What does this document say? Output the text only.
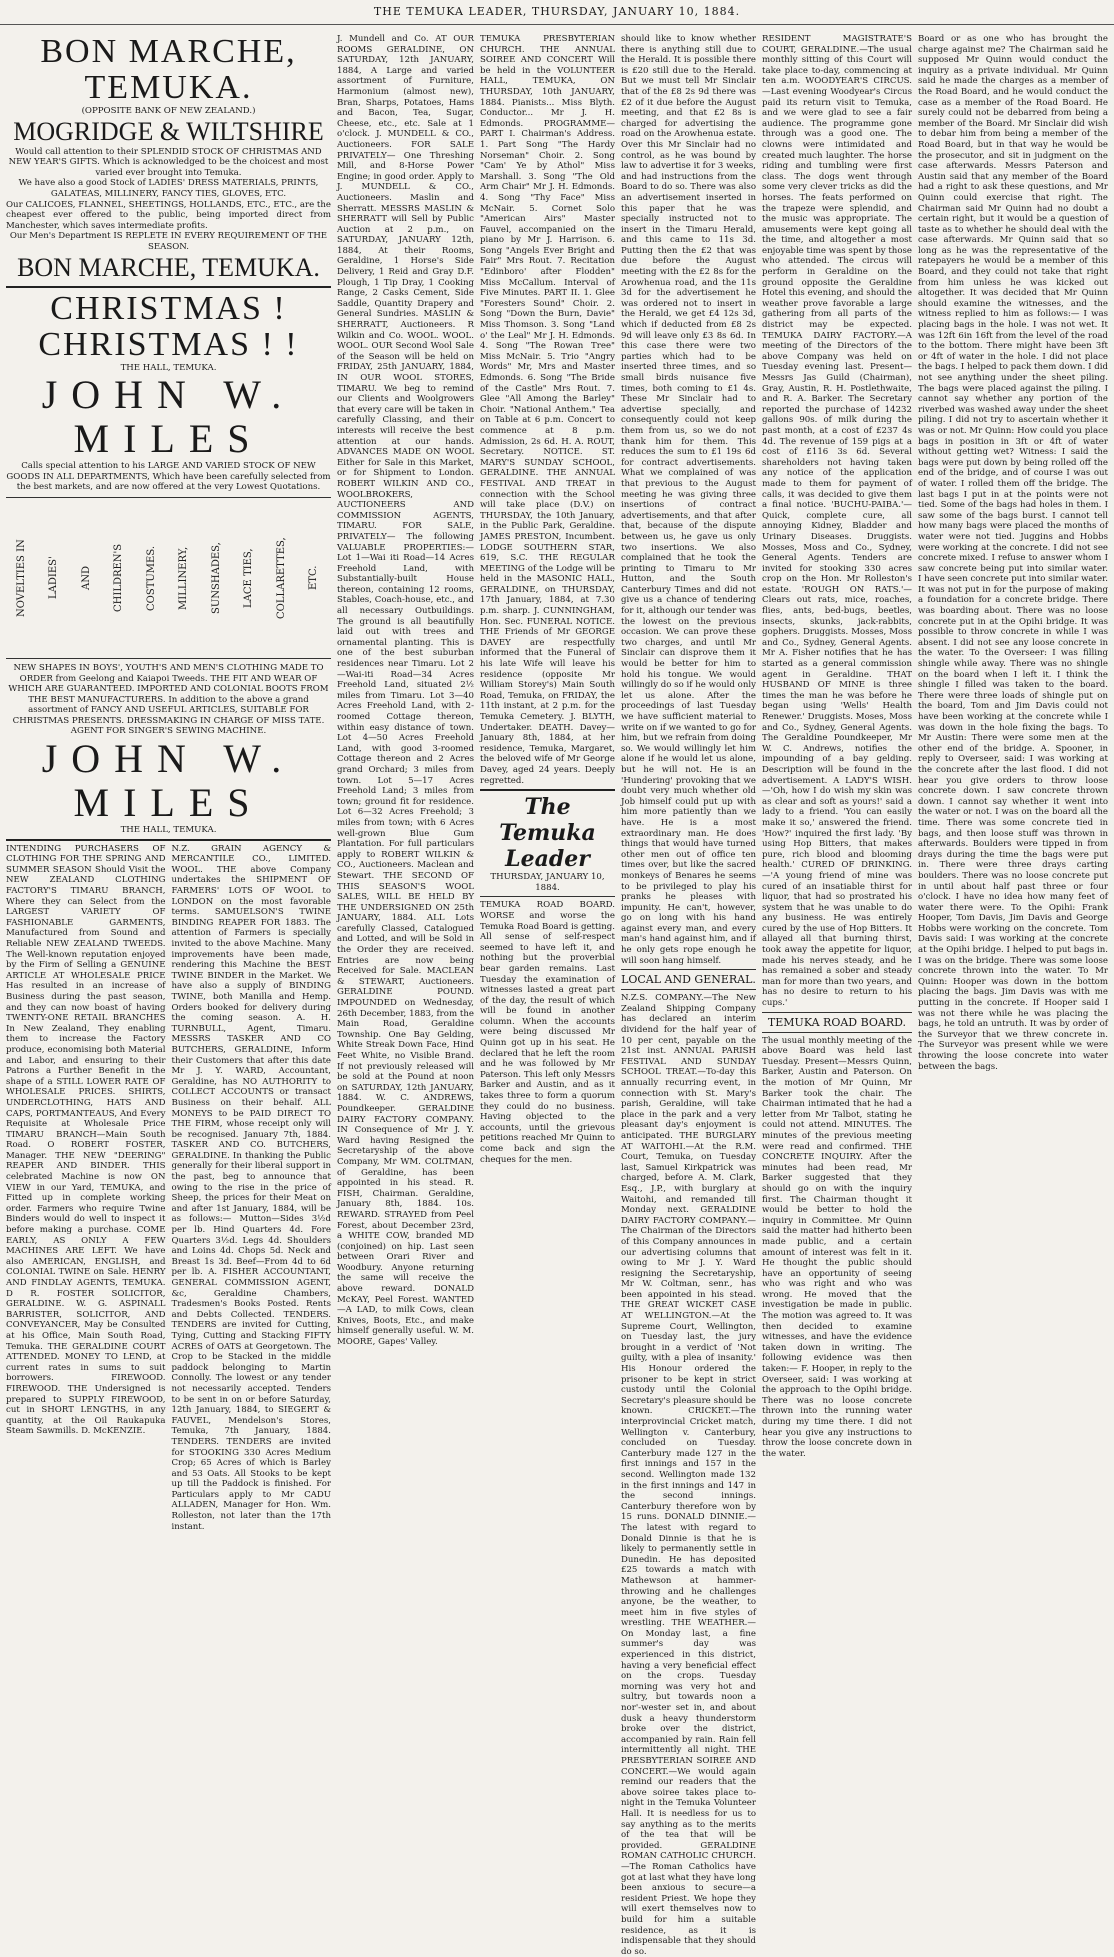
THE TEMUKA LEADER, THURSDAY, JANUARY 10, 1884.
BON MARCHE, TEMUKA.
(OPPOSITE BANK OF NEW ZEALAND.)
MOGRIDGE & WILTSHIRE
Would call attention to their SPLENDID STOCK OF CHRISTMAS AND NEW YEAR'S GIFTS. Which is acknowledged to be the choicest and most varied ever brought into Temuka.
We have also a good Stock of LADIES' DRESS MATERIALS, PRINTS, GALATEAS, MILLINERY, FANCY TIES, GLOVES, ETC.
Our CALICOES, FLANNEL, SHEETINGS, HOLLANDS, ETC., ETC., are the cheapest ever offered to the public, being imported direct from Manchester, which saves intermediate profits.
Our Men's Department IS REPLETE IN EVERY REQUIREMENT OF THE SEASON.
BON MARCHE, TEMUKA.
CHRISTMAS ! CHRISTMAS ! !
THE HALL, TEMUKA.
JOHN W. MILES
Calls special attention to his LARGE AND VARIED STOCK OF NEW GOODS IN ALL DEPARTMENTS, Which have been carefully selected from the best markets, and are now offered at the very Lowest Quotations.
NOVELTIES IN LADIES' AND CHILDREN'S COSTUMES. MILLINERY, SUNSHADES, LACE TIES, COLLARETTES, ETC.
NEW SHAPES IN BOYS', YOUTH'S AND MEN'S CLOTHING MADE TO ORDER from Geelong and Kaiapoi Tweeds. THE FIT AND WEAR OF WHICH ARE GUARANTEED. IMPORTED AND COLONIAL BOOTS FROM THE BEST MANUFACTURERS. In addition to the above a grand assortment of FANCY AND USEFUL ARTICLES, SUITABLE FOR CHRISTMAS PRESENTS. DRESSMAKING IN CHARGE OF MISS TATE.
AGENT FOR SINGER'S SEWING MACHINE.
JOHN W. MILES
THE HALL, TEMUKA.
INTENDING PURCHASERS OF CLOTHING FOR THE SPRING AND SUMMER SEASON Should Visit the NEW ZEALAND CLOTHING FACTORY'S TIMARU BRANCH, Where they can Select from the LARGEST VARIETY OF FASHIONABLE GARMENTS, Manufactured from Sound and Reliable NEW ZEALAND TWEEDS. The Well-known reputation enjoyed by the Firm of Selling a GENUINE ARTICLE AT WHOLESALE PRICE Has resulted in an increase of Business during the past season, and they can now boast of having TWENTY-ONE RETAIL BRANCHES In New Zealand, They enabling them to increase the Factory produce, economising both Material and Labor, and ensuring to their Patrons a Further Benefit in the shape of a STILL LOWER RATE OF WHOLESALE PRICES. SHIRTS, UNDERCLOTHING, HATS AND CAPS, PORTMANTEAUS, And Every Requisite at Wholesale Price TIMARU BRANCH—Main South Road. O ROBERT FOSTER, Manager. THE NEW "DEERING" REAPER AND BINDER. THIS celebrated Machine is now ON VIEW in our Yard, TEMUKA, and Fitted up in complete working order. Farmers who require Twine Binders would do well to inspect it before making a purchase. COME EARLY, AS ONLY A FEW MACHINES ARE LEFT. We have also AMERICAN, ENGLISH, and COLONIAL TWINE on Sale. HENRY AND FINDLAY AGENTS, TEMUKA. D R. FOSTER SOLICITOR, GERALDINE. W. G. ASPINALL BARRISTER, SOLICITOR, AND CONVEYANCER, May be Consulted at his Office, Main South Road, Temuka. THE GERALDINE COURT ATTENDED. MONEY TO LEND, at current rates in sums to suit borrowers. FIREWOOD. FIREWOOD. THE Undersigned is prepared to SUPPLY FIREWOOD, cut in SHORT LENGTHS, in any quantity, at the Oil Raukapuka Steam Sawmills. D. McKENZIE.
N.Z. GRAIN AGENCY & MERCANTILE CO., LIMITED. WOOL. THE above Company undertakes the SHIPMENT OF FARMERS' LOTS OF WOOL to LONDON on the most favorable terms. SAMUELSON'S TWINE BINDING REAPER FOR 1883. The attention of Farmers is specially invited to the above Machine. Many improvements have been made, rendering this Machine the BEST TWINE BINDER in the Market. We have also a supply of BINDING TWINE, both Manilla and Hemp. Orders booked for delivery during the coming season. A. H. TURNBULL, Agent, Timaru. MESSRS TASKER AND CO BUTCHERS, GERALDINE, Inform their Customers that after this date Mr J. Y. WARD, Accountant, Geraldine, has NO AUTHORITY to COLLECT ACCOUNTS or transact Business on their behalf. ALL MONEYS to be PAID DIRECT TO THE FIRM, whose receipt only will be recognised. January 7th, 1884. TASKER AND CO. BUTCHERS, GERALDINE. In thanking the Public generally for their liberal support in the past, beg to announce that owing to the rise in the price of Sheep, the prices for their Meat on and after 1st January, 1884, will be as follows:— Mutton—Sides 3½d per lb. Hind Quarters 4d. Fore Quarters 3½d. Legs 4d. Shoulders and Loins 4d. Chops 5d. Neck and Breast 1s 3d. Beef—From 4d to 6d per lb. A. FISHER ACCOUNTANT, GENERAL COMMISSION AGENT, &c, Geraldine Chambers, Tradesmen's Books Posted. Rents and Debts Collected. TENDERS. TENDERS are invited for Cutting, Tying, Cutting and Stacking FIFTY ACRES of OATS at Georgetown. The Crop to be Stacked in the middle paddock belonging to Martin Connolly. The lowest or any tender not necessarily accepted. Tenders to be sent in on or before Saturday, 12th January, 1884, to SIEGERT & FAUVEL, Mendelson's Stores, Temuka, 7th January, 1884. TENDERS. TENDERS are invited for STOOKING 330 Acres Medium Crop; 65 Acres of which is Barley and 53 Oats. All Stooks to be kept up till the Paddock is finished. For Particulars apply to Mr CADU ALLADEN, Manager for Hon. Wm. Rolleston, not later than the 17th instant.
J. Mundell and Co. AT OUR ROOMS GERALDINE, ON SATURDAY, 12th JANUARY, 1884, A Large and varied assortment of Furniture, Harmonium (almost new), Bran, Sharps, Potatoes, Hams and Bacon, Tea, Sugar, Cheese, etc., etc. Sale at 1 o'clock. J. MUNDELL & CO., Auctioneers. FOR SALE PRIVATELY— One Threshing Mill, and 8-Horse Power Engine; in good order. Apply to J. MUNDELL & CO., Auctioneers. Maslin and Sherratt. MESSRS MASLIN & SHERRATT will Sell by Public Auction at 2 p.m., on SATURDAY, JANUARY 12th, 1884, At their Rooms, Geraldine, 1 Horse's Side Delivery, 1 Reid and Gray D.F. Plough, 1 Tip Dray, 1 Cooking Range, 2 Casks Cement, Side Saddle, Quantity Drapery and General Sundries. MASLIN & SHERRATT, Auctioneers. R Wilkin and Co. WOOL. WOOL. WOOL. OUR Second Wool Sale of the Season will be held on FRIDAY, 25th JANUARY, 1884, IN OUR WOOL STORES, TIMARU. We beg to remind our Clients and Woolgrowers that every care will be taken in carefully Classing, and their interests will receive the best attention at our hands. ADVANCES MADE ON WOOL Either for Sale in this Market, or for Shipment to London. ROBERT WILKIN AND CO., WOOLBROKERS, AUCTIONEERS AND COMMISSION AGENTS, TIMARU. FOR SALE, PRIVATELY— The following VALUABLE PROPERTIES:— Lot 1—Wai iti Road—14 Acres Freehold Land, with Substantially-built House thereon, containing 12 rooms, Stables, Coach-house, etc., and all necessary Outbuildings. The ground is all beautifully laid out with trees and ornamental planting. This is one of the best suburban residences near Timaru. Lot 2—Wai-iti Road—34 Acres Freehold Land, situated 2½ miles from Timaru. Lot 3—40 Acres Freehold Land, with 2-roomed Cottage thereon, within easy distance of town. Lot 4—50 Acres Freehold Land, with good 3-roomed Cottage thereon and 2 Acres grand Orchard; 3 miles from town. Lot 5—17 Acres Freehold Land; 3 miles from town; ground fit for residence. Lot 6—32 Acres Freehold; 3 miles from town; with 6 Acres well-grown Blue Gum Plantation. For full particulars apply to ROBERT WILKIN & CO., Auctioneers. Maclean and Stewart. THE SECOND OF THIS SEASON'S WOOL SALES, WILL BE HELD BY THE UNDERSIGNED ON 25th JANUARY, 1884. ALL Lots carefully Classed, Catalogued and Lotted, and will be Sold in the Order they are received. Entries are now being Received for Sale. MACLEAN & STEWART, Auctioneers. GERALDINE POUND. IMPOUNDED on Wednesday, 26th December, 1883, from the Main Road, Geraldine Township. One Bay Gelding, White Streak Down Face, Hind Feet White, no Visible Brand. If not previously released will be sold at the Pound at noon on SATURDAY, 12th JANUARY, 1884. W. C. ANDREWS, Poundkeeper. GERALDINE DAIRY FACTORY COMPANY. IN Consequence of Mr J. Y. Ward having Resigned the Secretaryship of the above Company, Mr WM. COLTMAN, of Geraldine, has been appointed in his stead. R. FISH, Chairman. Geraldine, January 8th, 1884. 10s. REWARD. STRAYED from Peel Forest, about December 23rd, a WHITE COW, branded MD (conjoined) on hip. Last seen between Orari River and Woodbury. Anyone returning the same will receive the above reward. DONALD McKAY, Peel Forest. WANTED—A LAD, to milk Cows, clean Knives, Boots, Etc., and make himself generally useful. W. M. MOORE, Gapes' Valley.
TEMUKA PRESBYTERIAN CHURCH. THE ANNUAL SOIREE AND CONCERT Will be held in the VOLUNTEER HALL, TEMUKA, ON THURSDAY, 10th JANUARY, 1884. Pianists... Miss Blyth. Conductor... Mr J. H. Edmonds. PROGRAMME— PART I. Chairman's Address. 1. Part Song "The Hardy Norseman" Choir. 2. Song "Cam' Ye by Athol" Miss Marshall. 3. Song "The Old Arm Chair" Mr J. H. Edmonds. 4. Song "Thy Face" Miss McNair. 5. Cornet Solo "American Airs" Master Fauvel, accompanied on the piano by Mr J. Harrison. 6. Song "Angels Ever Bright and Fair" Mrs Rout. 7. Recitation "Edinboro' after Flodden" Miss McCallum. Interval of Five Minutes. PART II. 1. Glee "Foresters Sound" Choir. 2. Song "Down the Burn, Davie" Miss Thomson. 3. Song "Land o' the Leal" Mr J. H. Edmonds. 4. Song "The Rowan Tree" Miss McNair. 5. Trio "Angry Words" Mr, Mrs and Master Edmonds. 6. Song "The Bride of the Castle" Mrs Rout. 7. Glee "All Among the Barley" Choir. "National Anthem." Tea on Table at 6 p.m. Concert to commence at 8 p.m. Admission, 2s 6d. H. A. ROUT, Secretary. NOTICE. ST. MARY'S SUNDAY SCHOOL, GERALDINE. THE ANNUAL FESTIVAL AND TREAT in connection with the School will take place (D.V.) on THURSDAY, the 10th January, in the Public Park, Geraldine. JAMES PRESTON, Incumbent. LODGE SOUTHERN STAR, 619, S.C. THE REGULAR MEETING of the Lodge will be held in the MASONIC HALL, GERALDINE, on THURSDAY, 17th January, 1884, at 7.30 p.m. sharp. J. CUNNINGHAM, Hon. Sec. FUNERAL NOTICE. THE Friends of Mr GEORGE DAVEY are respectfully informed that the Funeral of his late Wife will leave his residence (opposite Mr William Storey's) Main South Road, Temuka, on FRIDAY, the 11th instant, at 2 p.m. for the Temuka Cemetery. J. BLYTH, Undertaker. DEATH. Davey—January 8th, 1884, at her residence, Temuka, Margaret, the beloved wife of Mr George Davey, aged 24 years. Deeply regretted.
The Temuka Leader
THURSDAY, JANUARY 10, 1884.
TEMUKA ROAD BOARD. WORSE and worse the Temuka Road Board is getting. All sense of self-respect seemed to have left it, and nothing but the proverbial bear garden remains. Last Tuesday the examination of witnesses lasted a great part of the day, the result of which will be found in another column. When the accounts were being discussed Mr Quinn got up in his seat. He declared that he left the room and he was followed by Mr Paterson. This left only Messrs Barker and Austin, and as it takes three to form a quorum they could do no business. Having objected to the accounts, until the grievous petitions reached Mr Quinn to come back and sign the cheques for the men.
should like to know whether there is anything still due to the Herald. It is possible there is £20 still due to the Herald. But we must tell Mr Sinclair that of the £8 2s 9d there was £2 of it due before the August meeting, and that £2 8s is charged for advertising the road on the Arowhenua estate. Over this Mr Sinclair had no control, as he was bound by law to advertise it for 3 weeks, and had instructions from the Board to do so. There was also an advertisement inserted in this paper that he was specially instructed not to insert in the Timaru Herald, and this came to 11s 3d. Putting then the £2 that was due before the August meeting with the £2 8s for the Arowhenua road, and the 11s 3d for the advertisement he was ordered not to insert in the Herald, we get £4 12s 3d, which if deducted from £8 2s 9d will leave only £3 8s 6d. In this case there were two parties which had to be inserted three times, and so small birds nuisance five times, both coming to £1 4s. These Mr Sinclair had to advertise specially, and consequently could not keep them from us, so we do not thank him for them. This reduces the sum to £1 19s 6d for contract advertisements. What we complained of was that previous to the August meeting he was giving three insertions of contract advertisements, and that after that, because of the dispute between us, he gave us only two insertions. We also complained that he took the printing to Timaru to Mr Hutton, and the South Canterbury Times and did not give us a chance of tendering for it, although our tender was the lowest on the previous occasion. We can prove these two charges, and until Mr Sinclair can disprove them it would be better for him to hold his tongue. We would willingly do so if he would only let us alone. After the proceedings of last Tuesday we have sufficient material to write on if we wanted to go for him, but we refrain from doing so. We would willingly let him alone if he would let us alone, but he will not. He is an 'Hundering' provoking that we doubt very much whether old Job himself could put up with him more patiently than we have. He is a most extraordinary man. He does things that would have turned other men out of office ten times over, but like the sacred monkeys of Benares he seems to be privileged to play his pranks he pleases with impunity. He can't, however, go on long with his hand against every man, and every man's hand against him, and if he only gets rope enough he will soon hang himself.
LOCAL AND GENERAL.
N.Z.S. COMPANY.—The New Zealand Shipping Company has declared an interim dividend for the half year of 10 per cent, payable on the 21st inst. ANNUAL PARISH FESTIVAL AND SUNDAY SCHOOL TREAT.—To-day this annually recurring event, in connection with St. Mary's parish, Geraldine, will take place in the park and a very pleasant day's enjoyment is anticipated. THE BURGLARY AT WAITOHI.—At the R.M. Court, Temuka, on Tuesday last, Samuel Kirkpatrick was charged, before A. M. Clark, Esq., J.P., with burglary at Waitohi, and remanded till Monday next. GERALDINE DAIRY FACTORY COMPANY.—The Chairman of the Directors of this Company announces in our advertising columns that owing to Mr J. Y. Ward resigning the Secretaryship, Mr W. Coltman, senr., has been appointed in his stead. THE GREAT WICKET CASE AT WELLINGTON.—At the Supreme Court, Wellington, on Tuesday last, the jury brought in a verdict of 'Not guilty, with a plea of insanity.' His Honour ordered the prisoner to be kept in strict custody until the Colonial Secretary's pleasure should be known. CRICKET.—The interprovincial Cricket match, Wellington v. Canterbury, concluded on Tuesday. Canterbury made 127 in the first innings and 157 in the second. Wellington made 132 in the first innings and 147 in the second innings. Canterbury therefore won by 15 runs. DONALD DINNIE.—The latest with regard to Donald Dinnie is that he is likely to permanently settle in Dunedin. He has deposited £25 towards a match with Mathewson at hammer-throwing and he challenges anyone, be the weather, to meet him in five styles of wrestling. THE WEATHER.—On Monday last, a fine summer's day was experienced in this district, having a very beneficial effect on the crops. Tuesday morning was very hot and sultry, but towards noon a nor'-wester set in, and about dusk a heavy thunderstorm broke over the district, accompanied by rain. Rain fell intermittently all night. THE PRESBYTERIAN SOIREE AND CONCERT.—We would again remind our readers that the above soiree takes place to-night in the Temuka Volunteer Hall. It is needless for us to say anything as to the merits of the tea that will be provided. GERALDINE ROMAN CATHOLIC CHURCH.—The Roman Catholics have got at last what they have long been anxious to secure—a resident Priest. We hope they will exert themselves now to build for him a suitable residence, as it is indispensable that they should do so.
RESIDENT MAGISTRATE'S COURT, GERALDINE.—The usual monthly sitting of this Court will take place to-day, commencing at ten a.m. WOODYEAR'S CIRCUS.—Last evening Woodyear's Circus paid its return visit to Temuka, and we were glad to see a fair audience. The programme gone through was a good one. The clowns were intimidated and created much laughter. The horse riding and tumbling were first class. The dogs went through some very clever tricks as did the horses. The feats performed on the trapeze were splendid, and the music was appropriate. The amusements were kept going all the time, and altogether a most enjoyable time was spent by those who attended. The circus will perform in Geraldine on the ground opposite the Geraldine Hotel this evening, and should the weather prove favorable a large gathering from all parts of the district may be expected. TEMUKA DAIRY FACTORY.—A meeting of the Directors of the above Company was held on Tuesday evening last. Present—Messrs Jas Guild (Chairman), Gray, Austin, R. H. Postlethwaite, and R. A. Barker. The Secretary reported the purchase of 14232 gallons 90s. of milk during the past month, at a cost of £237 4s 4d. The revenue of 159 pigs at a cost of £116 3s 6d. Several shareholders not having taken any notice of the application made to them for payment of calls, it was decided to give them a final notice. 'BUCHU-PAIBA.'—Quick, complete cure, all annoying Kidney, Bladder and Urinary Diseases. Druggists. Mosses, Moss and Co., Sydney, General Agents. Tenders are invited for stooking 330 acres crop on the Hon. Mr Rolleston's estate. 'ROUGH ON RATS.'—Clears out rats, mice, roaches, flies, ants, bed-bugs, beetles, insects, skunks, jack-rabbits, gophers. Druggists. Mosses, Moss and Co., Sydney, General Agents. Mr A. Fisher notifies that he has started as a general commission agent in Geraldine. THAT HUSBAND OF MINE is three times the man he was before he began using 'Wells' Health Renewer.' Druggists. Moses, Moss and Co., Sydney, General Agents. The Geraldine Poundkeeper, Mr W. C. Andrews, notifies the impounding of a bay gelding. Description will be found in the advertisement. A LADY'S WISH.—'Oh, how I do wish my skin was as clear and soft as yours!' said a lady to a friend. 'You can easily make it so,' answered the friend. 'How?' inquired the first lady. 'By using Hop Bitters, that makes pure, rich blood and blooming health.' CURED OF DRINKING.—'A young friend of mine was cured of an insatiable thirst for liquor, that had so prostrated his system that he was unable to do any business. He was entirely cured by the use of Hop Bitters. It allayed all that burning thirst, took away the appetite for liquor, made his nerves steady, and he has remained a sober and steady man for more than two years, and has no desire to return to his cups.'
TEMUKA ROAD BOARD.
The usual monthly meeting of the above Board was held last Tuesday. Present—Messrs Quinn, Barker, Austin and Paterson. On the motion of Mr Quinn, Mr Barker took the chair. The Chairman intimated that he had a letter from Mr Talbot, stating he could not attend. MINUTES. The minutes of the previous meeting were read and confirmed. THE CONCRETE INQUIRY. After the minutes had been read, Mr Barker suggested that they should go on with the inquiry first. The Chairman thought it would be better to hold the inquiry in Committee. Mr Quinn said the matter had hitherto been made public, and a certain amount of interest was felt in it. He thought the public should have an opportunity of seeing who was right and who was wrong. He moved that the investigation be made in public. The motion was agreed to. It was then decided to examine witnesses, and have the evidence taken down in writing. The following evidence was then taken:— F. Hooper, in reply to the Overseer, said: I was working at the approach to the Opihi bridge. There was no loose concrete thrown into the running water during my time there. I did not hear you give any instructions to throw the loose concrete down in the water.
Board or as one who has brought the charge against me? The Chairman said he supposed Mr Quinn would conduct the inquiry as a private individual. Mr Quinn said he made the charges as a member of the Road Board, and he would conduct the case as a member of the Road Board. He surely could not be debarred from being a member of the Board. Mr Sinclair did wish to debar him from being a member of the Road Board, but in that way he would be the prosecutor, and sit in judgment on the case afterwards. Messrs Paterson and Austin said that any member of the Board had a right to ask these questions, and Mr Quinn could exercise that right. The Chairman said Mr Quinn had no doubt a certain right, but it would be a question of taste as to whether he should deal with the case afterwards. Mr Quinn said that so long as he was the representative of the ratepayers he would be a member of this Board, and they could not take that right from him unless he was kicked out altogether. It was decided that Mr Quinn should examine the witnesses, and the witness replied to him as follows:— I was placing bags in the hole. I was not wet. It was 12ft 6in 16ft from the level of the road to the bottom. There might have been 3ft or 4ft of water in the hole. I did not place the bags. I helped to pack them down. I did not see anything under the sheet piling. The bags were placed against the piling. I cannot say whether any portion of the riverbed was washed away under the sheet piling. I did not try to ascertain whether it was or not. Mr Quinn: How could you place bags in position in 3ft or 4ft of water without getting wet? Witness: I said the bags were put down by being rolled off the end of the bridge, and of course I was out of water. I rolled them off the bridge. The last bags I put in at the points were not tied. Some of the bags had holes in them. I saw some of the bags burst. I cannot tell how many bags were placed the months of water were not tied. Juggins and Hobbs were working at the concrete. I did not see concrete mixed. I refuse to answer whom I saw concrete being put into similar water. I have seen concrete put into similar water. It was not put in for the purpose of making a foundation for a concrete bridge. There was boarding about. There was no loose concrete put in at the Opihi bridge. It was possible to throw concrete in while I was absent. I did not see any loose concrete in the water. To the Overseer: I was filling shingle while away. There was no shingle on the board when I left it. I think the shingle I filled was taken to the board. There were three loads of shingle put on the board, Tom and Jim Davis could not have been working at the concrete while I was down in the hole fixing the bags. To Mr Austin: There were some men at the other end of the bridge. A. Spooner, in reply to Overseer, said: I was working at the concrete after the last flood. I did not hear you give orders to throw loose concrete down. I saw concrete thrown down. I cannot say whether it went into the water or not. I was on the board all the time. There was some concrete tied in bags, and then loose stuff was thrown in afterwards. Boulders were tipped in from drays during the time the bags were put in. There were three drays carting boulders. There was no loose concrete put in until about half past three or four o'clock. I have no idea how many feet of water there were. To the Opihi: Frank Hooper, Tom Davis, Jim Davis and George Hobbs were working on the concrete. Tom Davis said: I was working at the concrete at the Opihi bridge. I helped to put bags in. I was on the bridge. There was some loose concrete thrown into the water. To Mr Quinn: Hooper was down in the bottom placing the bags. Jim Davis was with me putting in the concrete. If Hooper said I was not there while he was placing the bags, he told an untruth. It was by order of the Surveyor that we threw concrete in. The Surveyor was present while we were throwing the loose concrete into water between the bags.
